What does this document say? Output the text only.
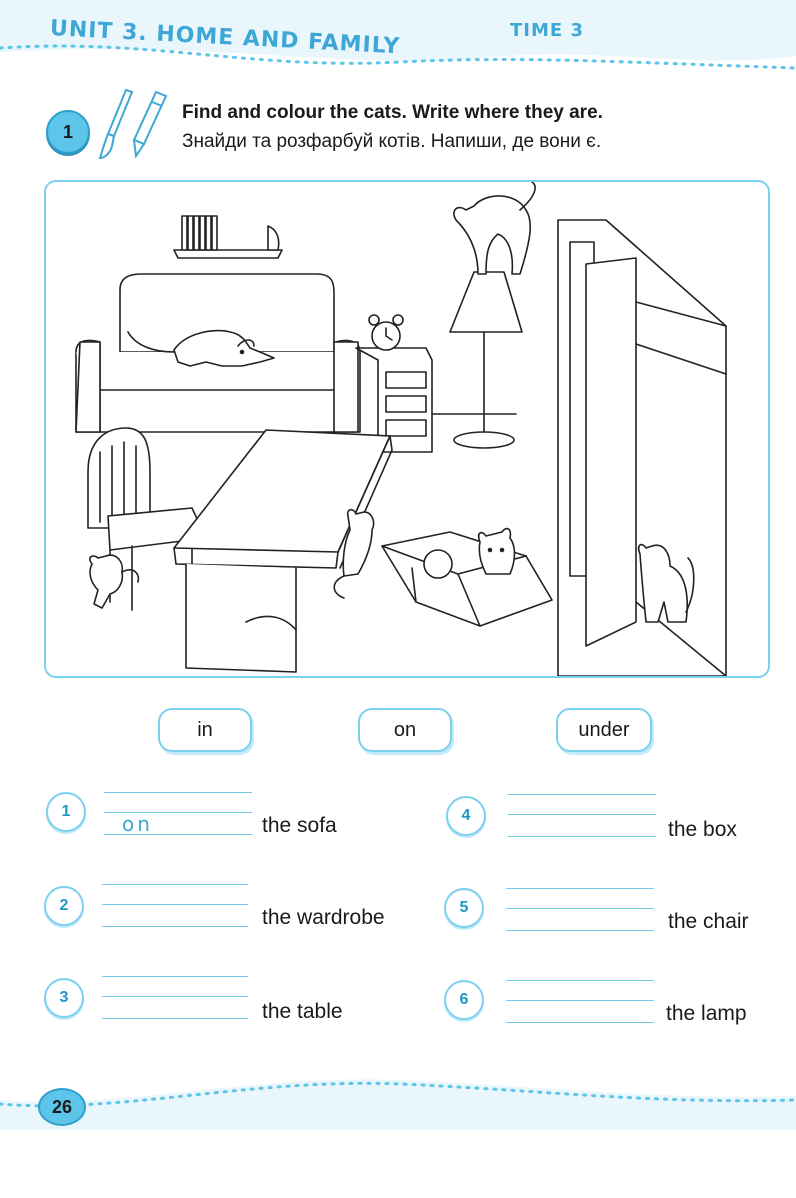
UNIT 3. HOME AND FAMILY	TIME 3
1
Find and colour the cats. Write where they are.
Знайди та розфарбуй котів. Напиши, де вони є.
in	on	under
1
on	the sofa
2
the wardrobe
3
the table
4
the box
5
the chair
6
the lamp
26
